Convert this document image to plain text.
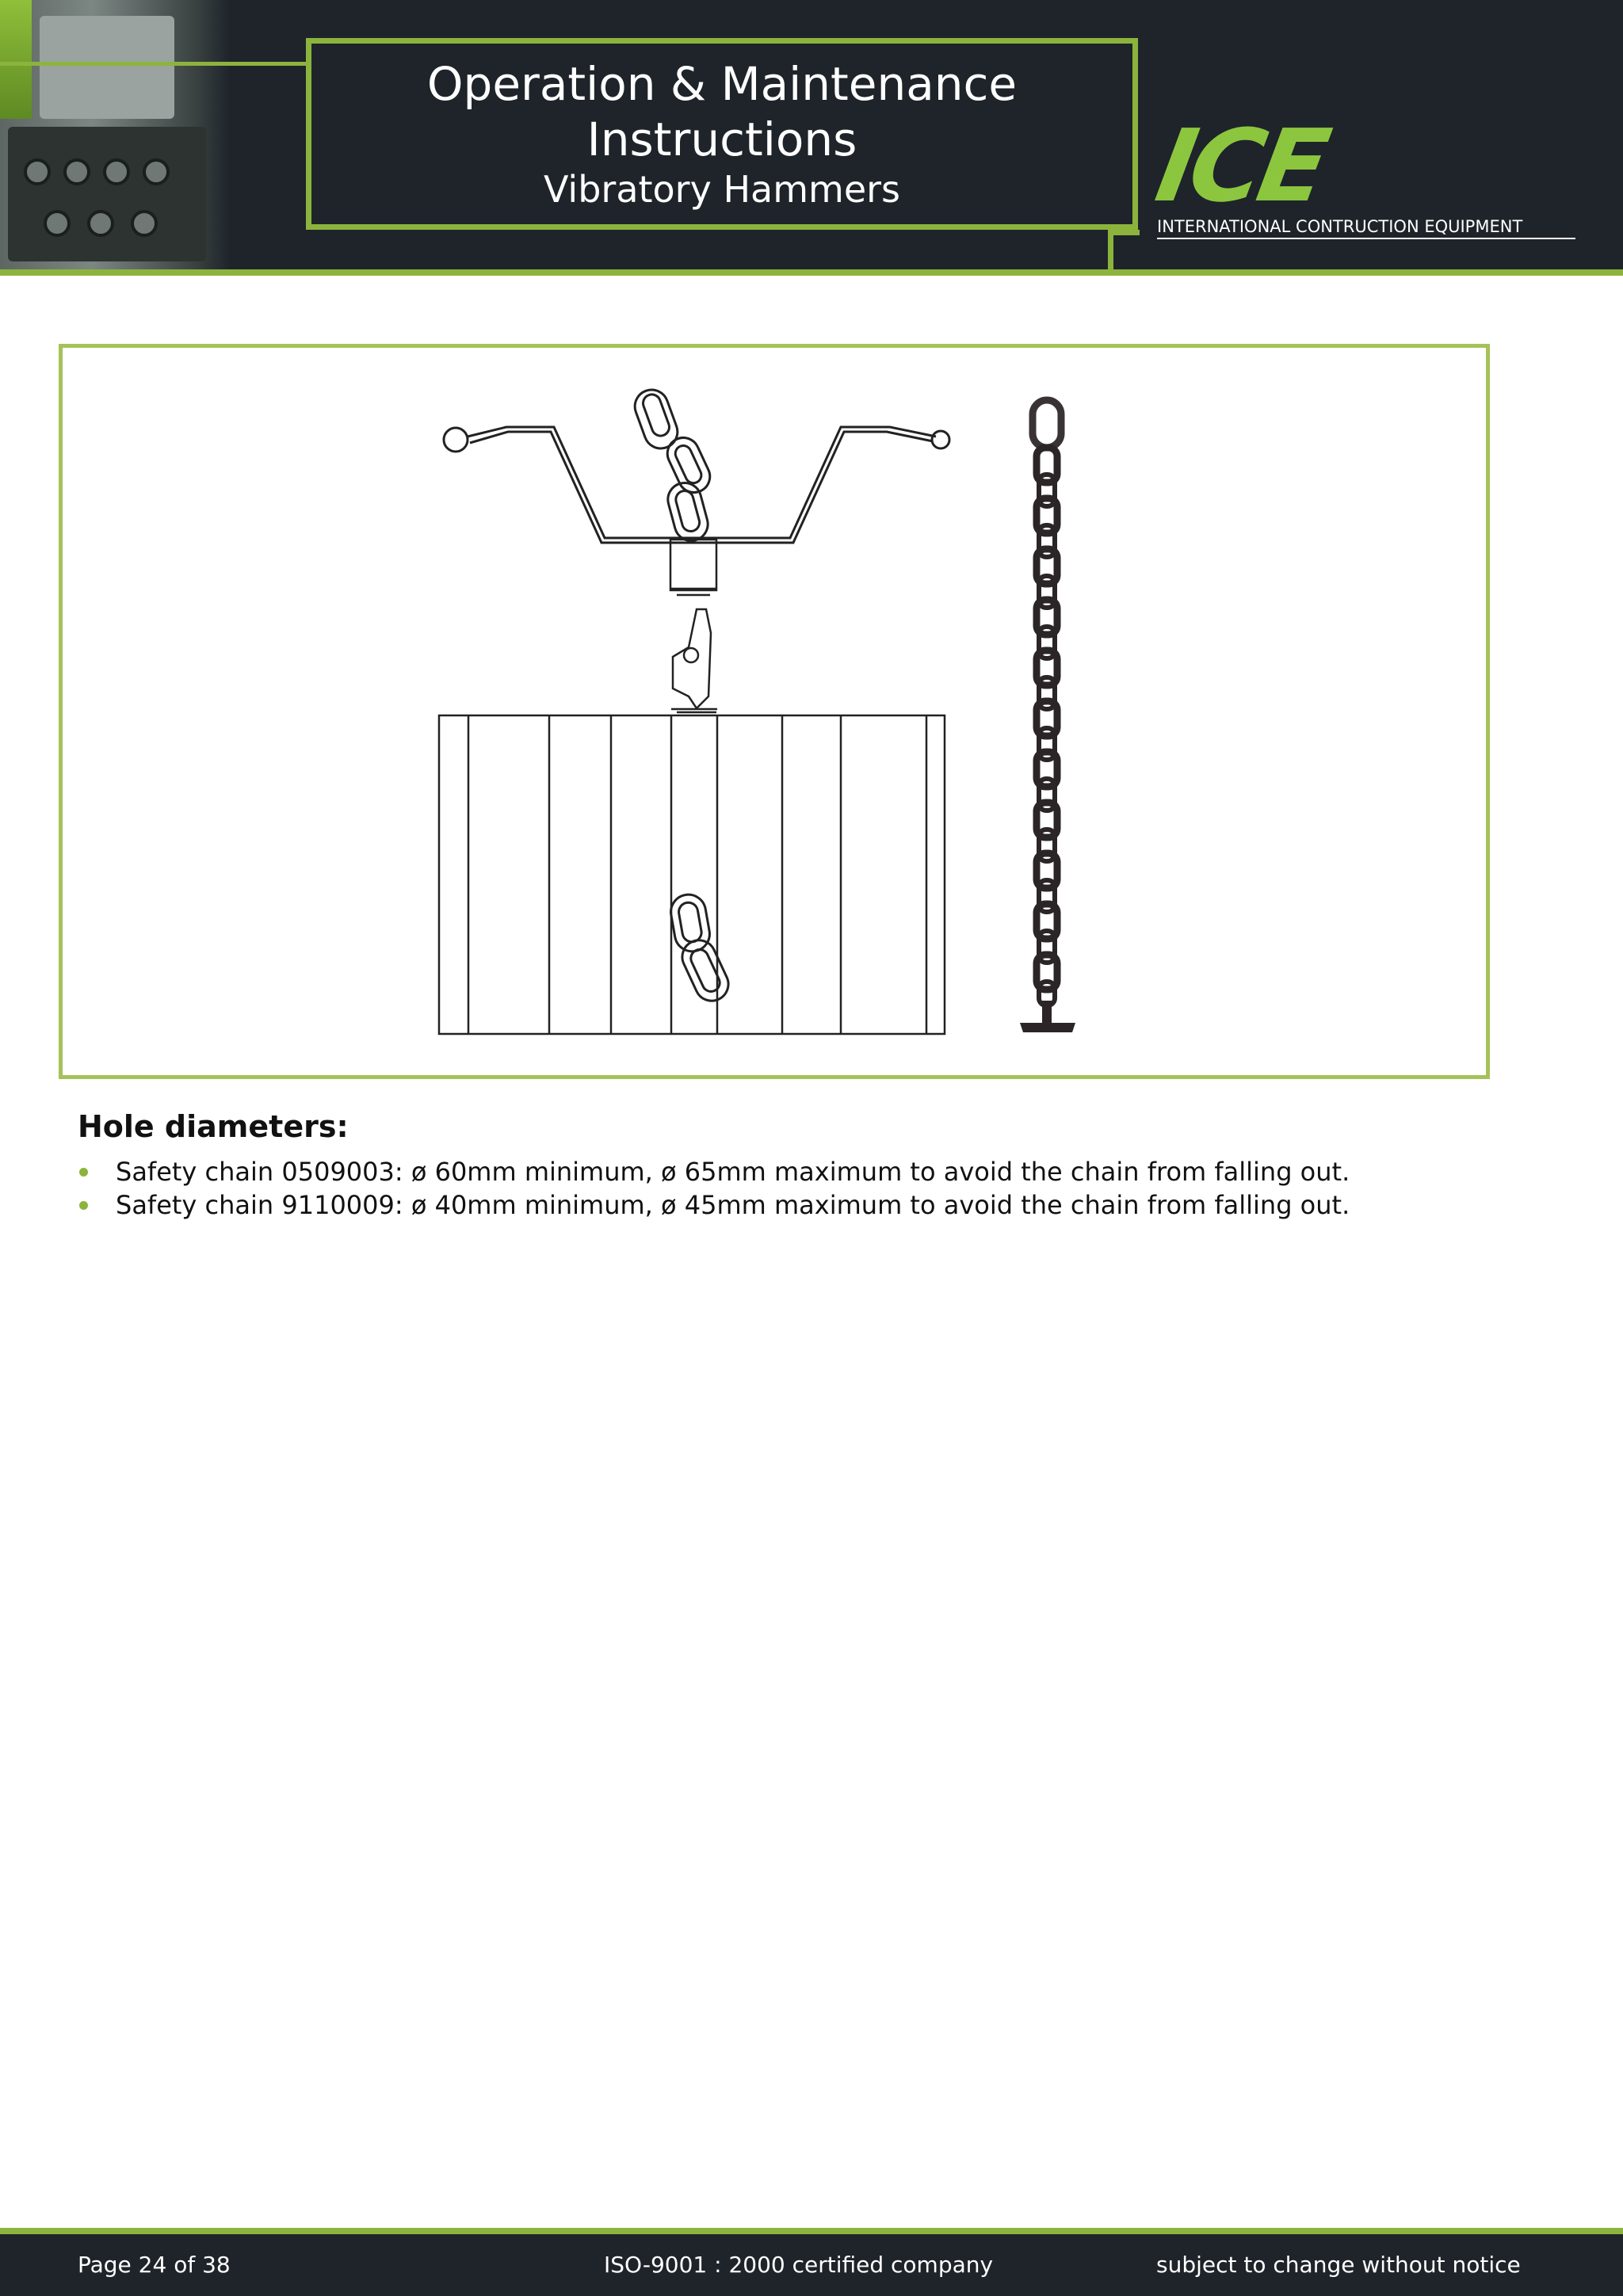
Operation & Maintenance
Instructions
Vibratory Hammers	ICE
INTERNATIONAL CONTRUCTION EQUIPMENT
Hole diameters:
Safety chain 0509003: ø 60mm minimum, ø 65mm maximum to avoid the chain from falling out.
Safety chain 9110009: ø 40mm minimum, ø 45mm maximum to avoid the chain from falling out.
Page 24 of 38	ISO-9001 : 2000 certified company	subject to change without notice
